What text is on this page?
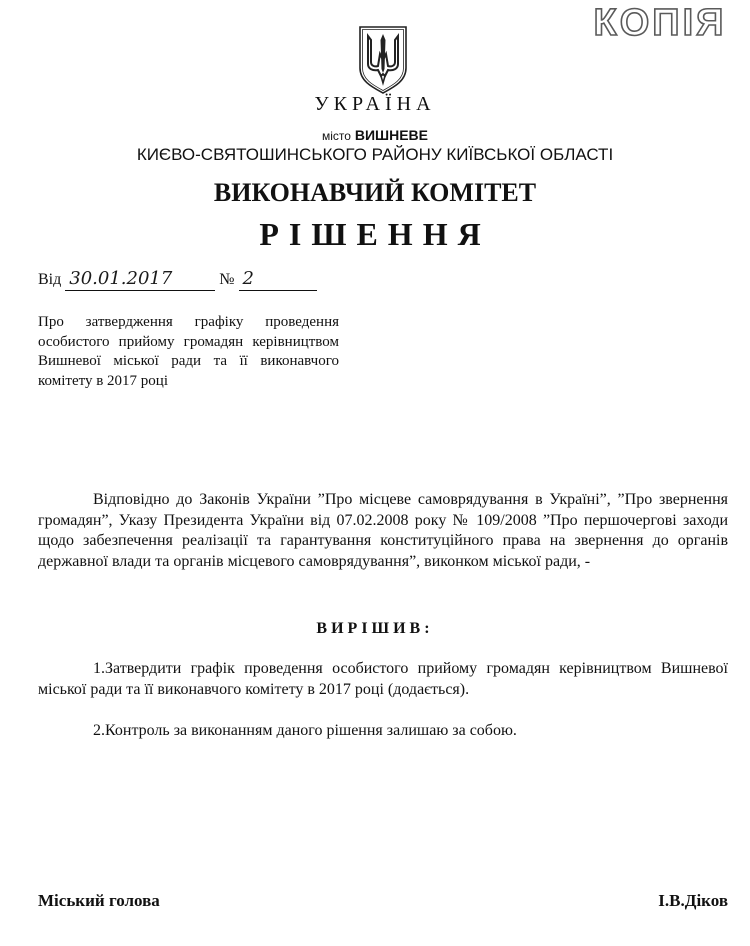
КОПІЯ
УКРАЇНА
місто ВИШНЕВЕ
КИЄВО-СВЯТОШИНСЬКОГО РАЙОНУ КИЇВСЬКОЇ ОБЛАСТІ
ВИКОНАВЧИЙ КОМІТЕТ
РІШЕННЯ
Від 30.01.2017	№ 2
Про затвердження графіку проведення особистого прийому громадян керівництвом Вишневої міської ради та її виконавчого комітету в 2017 році
Відповідно до Законів України ”Про місцеве самоврядування в Україні”, ”Про звернення громадян”, Указу Президента України від 07.02.2008 року № 109/2008 ”Про першочергові заходи щодо забезпечення реалізації та гарантування конституційного права на звернення до органів державної влади та органів місцевого самоврядування”, виконком міської ради, -
ВИРІШИВ:
1.Затвердити графік проведення особистого прийому громадян керівництвом Вишневої міської ради та її виконавчого комітету в 2017 році (додається).
2.Контроль за виконанням даного рішення залишаю за собою.
Міський голова	І.В.Діков
